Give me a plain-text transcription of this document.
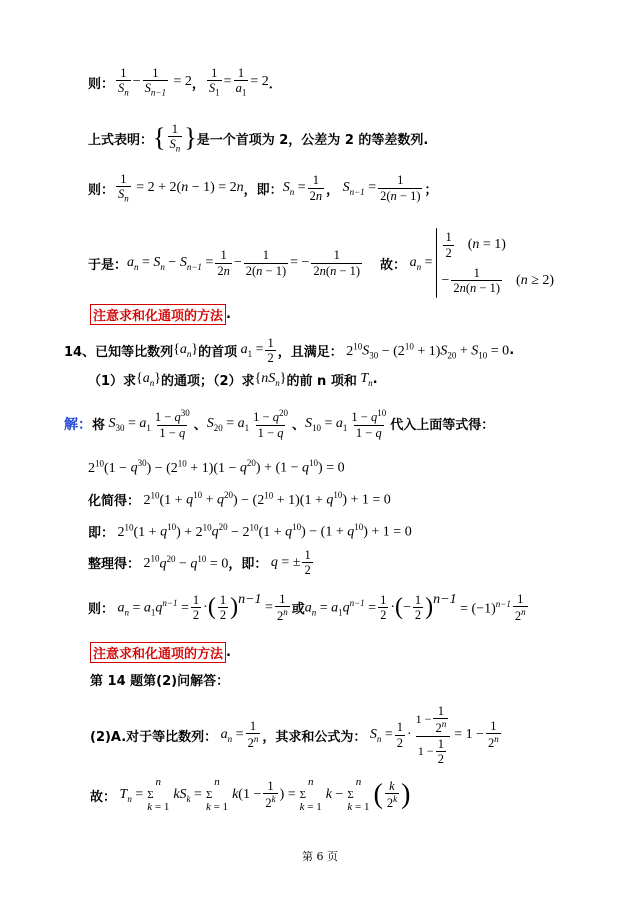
则： $\frac{1}{S_n} - \frac{1}{S_{n-1}} = 2$ ， $\frac{1}{S_1} = \frac{1}{a_1} = 2$ ．
上式表明： { $\frac{1}{S_n}$ } 是一个首项为 2，公差为 2 的等差数列.
则： $\frac{1}{S_n} = 2 + 2(n - 1) = 2n$ ，即： $S_n = \frac{1}{2n}$ ， $S_{n-1} = \frac{1}{2(n - 1)}$ ；
于是： $a_n = S_n - S_{n-1} = \frac{1}{2n} - \frac{1}{2(n - 1)}$ = − $\frac{1}{2n(n - 1)}$ 故： $a_n$ =
$\frac{1}{2} (n = 1)$
− $\frac{1}{2n(n - 1)} (n \ge 2)$
注意求和化通项的方法 .
14、已知等比数列 $\{a_n\}$ 的首项 $a_1 = \frac{1}{2}$ ，且满足： $2^{10}S_{30} - (2^{10} + 1)S_{20} + S_{10} = 0$ .
（1）求 $\{a_n\}$ 的通项；（2）求 $\{nS_n\}$ 的前 n 项和 $T_n$ .
解： 将 $S_{30} = a_1 \frac{1 - q^{30}}{1 - q}$ 、 $S_{20} = a_1 \frac{1 - q^{20}}{1 - q}$ 、 $S_{10} = a_1 \frac{1 - q^{10}}{1 - q}$ 代入上面等式得：
$2^{10}(1 - q^{30}) - (2^{10} + 1)(1 - q^{20}) + (1 - q^{10}) = 0$
化简得： $2^{10}(1 + q^{10} + q^{20}) - (2^{10} + 1)(1 + q^{10}) + 1 = 0$
即： $2^{10}(1 + q^{10}) + 2^{10}q^{20} - 2^{10}(1 + q^{10}) - (1 + q^{10}) + 1 = 0$
整理得： $2^{10}q^{20} - q^{10} = 0$ ，即： q = ± $\frac{1}{2}$
则： $a_n = a_1q^{n-1} = \frac{1}{2}$ · ( $\frac{1}{2}$ ) n−1
= $\frac{1}{2^n}$ 或 $a_n = a_1q^{n-1} = \frac{1}{2}$ · ( − $\frac{1}{2}$ ) n−1
= $(-1)^{n-1} \frac{1}{2^n}$
注意求和化通项的方法 .
第 14 题第(2)问解答：
(2)A.对于等比数列： $a_n = \frac{1}{2^n}$ ，其求和公式为： $S_n = \frac{1}{2} \cdot \frac{1 - \frac{1}{2^n}}{1 - \frac{1}{2}} = 1 - \frac{1}{2^n}$
故： $T_n$ =
n
Σ
k = 1
$kS_k$ =
n
Σ
k = 1
$k(1 - \frac{1}{2^k}$ ) =
n
Σ
k = 1
k −
n
Σ
k = 1 ( $\frac{k}{2^k}$ )
第 6 页
